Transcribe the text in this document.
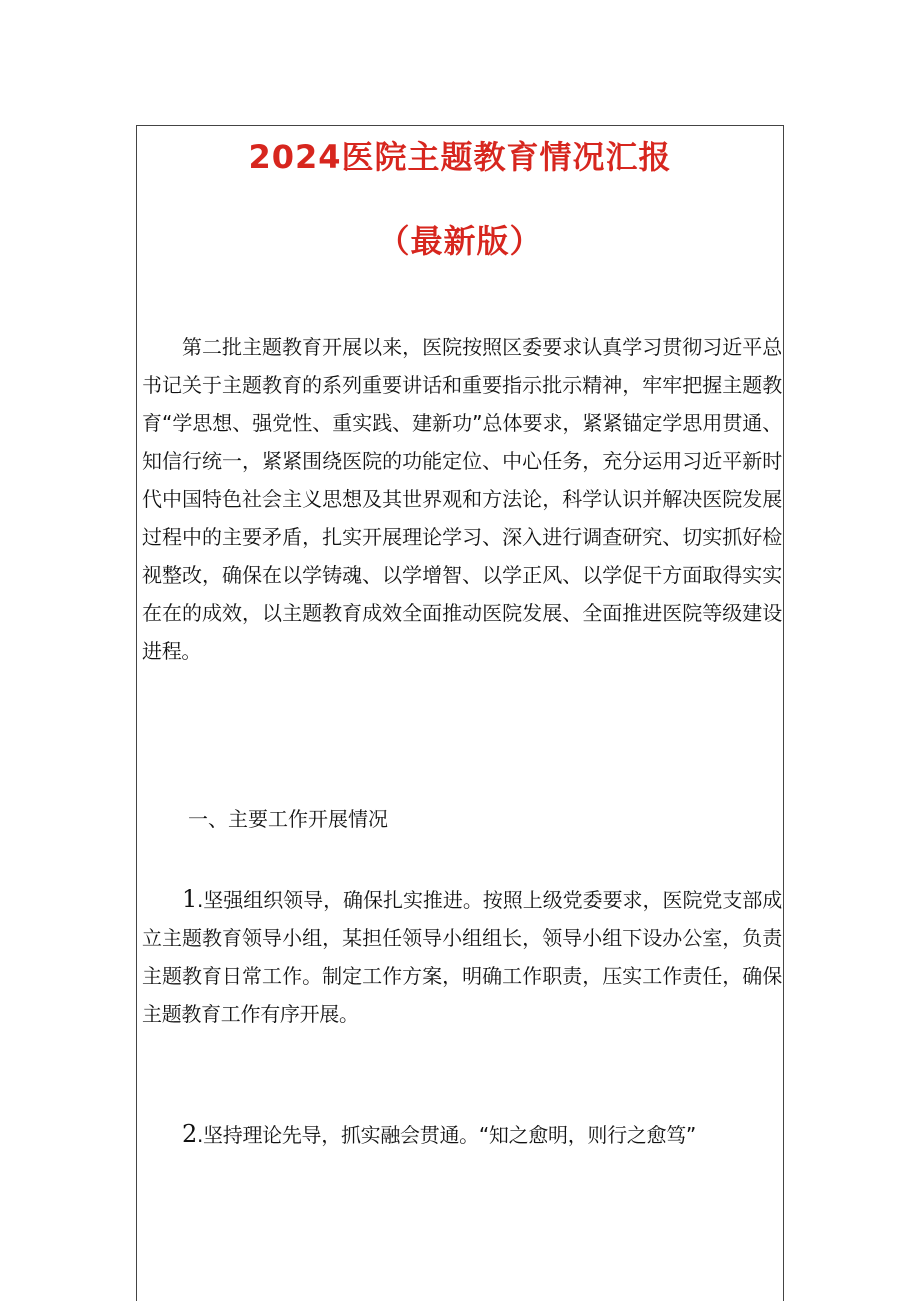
2024医院主题教育情况汇报
（最新版）

第二批主题教育开展以来，医院按照区委要求认真学习贯彻习近平总书记关于主题教育的系列重要讲话和重要指示批示精神，牢牢把握主题教育“学思想、强党性、重实践、建新功”总体要求，紧紧锚定学思用贯通、知信行统一，紧紧围绕医院的功能定位、中心任务，充分运用习近平新时代中国特色社会主义思想及其世界观和方法论，科学认识并解决医院发展过程中的主要矛盾，扎实开展理论学习、深入进行调查研究、切实抓好检视整改，确保在以学铸魂、以学增智、以学正风、以学促干方面取得实实在在的成效，以主题教育成效全面推动医院发展、全面推进医院等级建设进程。

一、主要工作开展情况

1.坚强组织领导，确保扎实推进。按照上级党委要求，医院党支部成立主题教育领导小组，某担任领导小组组长，领导小组下设办公室，负责主题教育日常工作。制定工作方案，明确工作职责，压实工作责任，确保主题教育工作有序开展。

2.坚持理论先导，抓实融会贯通。“知之愈明，则行之愈笃”
